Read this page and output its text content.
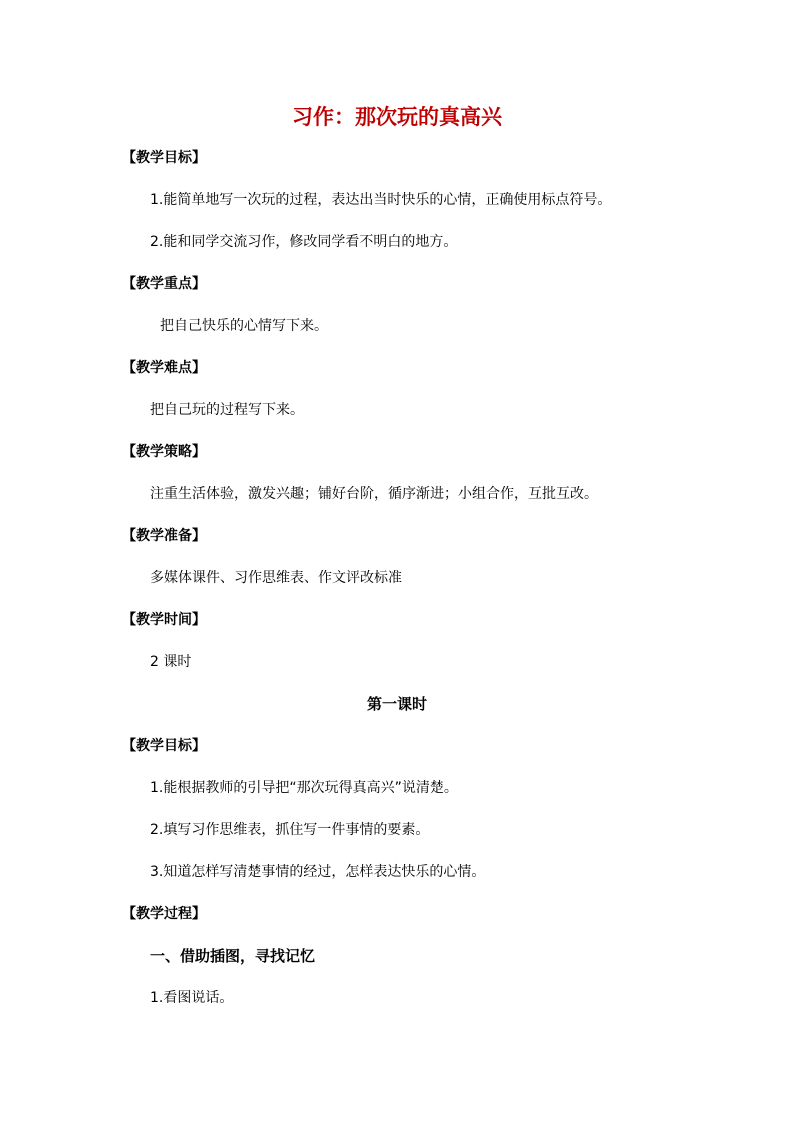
习作：那次玩的真高兴
【教学目标】
1.能简单地写一次玩的过程，表达出当时快乐的心情，正确使用标点符号。
2.能和同学交流习作，修改同学看不明白的地方。
【教学重点】
把自己快乐的心情写下来。
【教学难点】
把自己玩的过程写下来。
【教学策略】
注重生活体验，激发兴趣；铺好台阶，循序渐进；小组合作，互批互改。
【教学准备】
多媒体课件、习作思维表、作文评改标准
【教学时间】
2 课时
第一课时
【教学目标】
1.能根据教师的引导把“那次玩得真高兴”说清楚。
2.填写习作思维表，抓住写一件事情的要素。
3.知道怎样写清楚事情的经过，怎样表达快乐的心情。
【教学过程】
一、借助插图，寻找记忆
1.看图说话。
